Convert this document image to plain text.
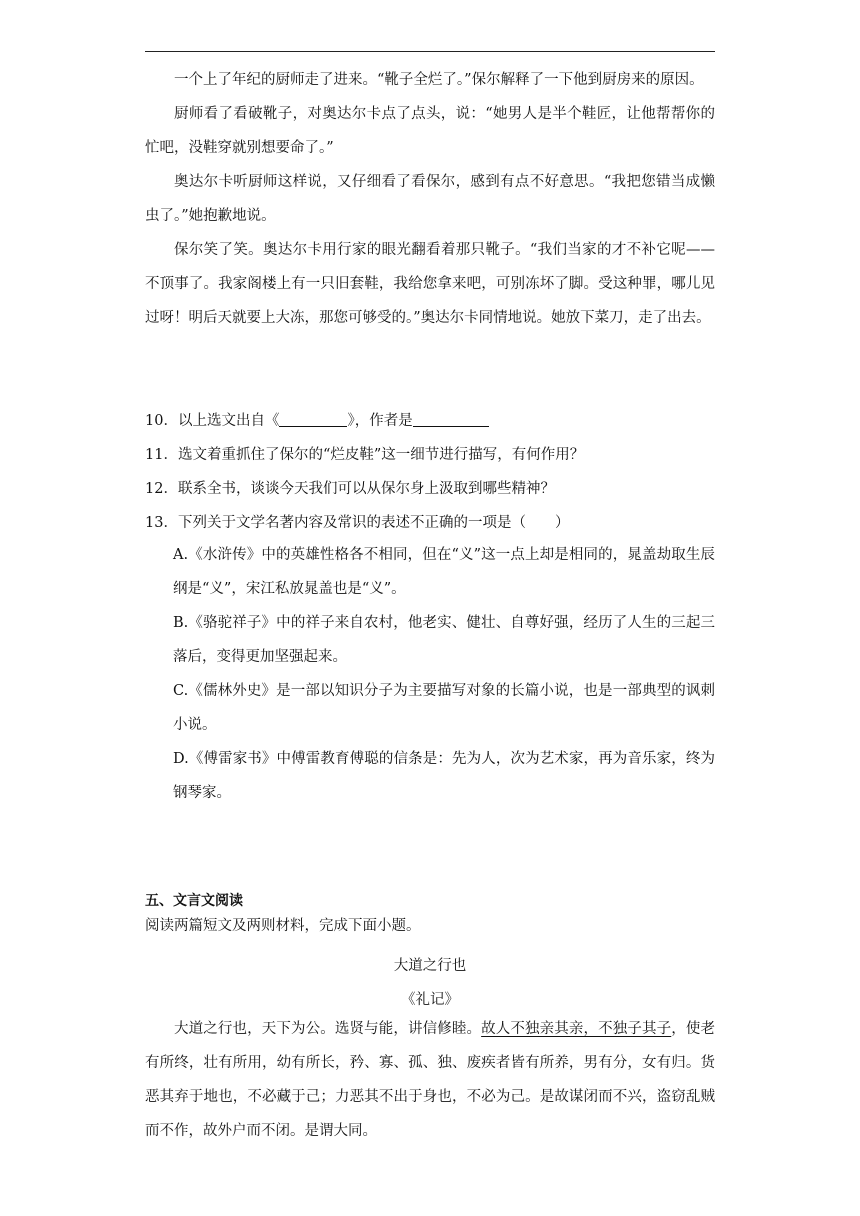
一个上了年纪的厨师走了进来。“靴子全烂了。”保尔解释了一下他到厨房来的原因。

厨师看了看破靴子，对奥达尔卡点了点头，说：“她男人是半个鞋匠，让他帮帮你的忙吧，没鞋穿就别想要命了。”

奥达尔卡听厨师这样说，又仔细看了看保尔，感到有点不好意思。“我把您错当成懒虫了。”她抱歉地说。

保尔笑了笑。奥达尔卡用行家的眼光翻看着那只靴子。“我们当家的才不补它呢——不顶事了。我家阁楼上有一只旧套鞋，我给您拿来吧，可别冻坏了脚。受这种罪，哪儿见过呀！明后天就要上大冻，那您可够受的。”奥达尔卡同情地说。她放下菜刀，走了出去。

10．以上选文出自《	》，作者是
11．选文着重抓住了保尔的“烂皮鞋”这一细节进行描写，有何作用？
12．联系全书，谈谈今天我们可以从保尔身上汲取到哪些精神？
13．下列关于文学名著内容及常识的表述不正确的一项是（　　）
A.《水浒传》中的英雄性格各不相同，但在“义”这一点上却是相同的，晁盖劫取生辰纲是“义”，宋江私放晁盖也是“义”。
B.《骆驼祥子》中的祥子来自农村，他老实、健壮、自尊好强，经历了人生的三起三落后，变得更加坚强起来。
C.《儒林外史》是一部以知识分子为主要描写对象的长篇小说，也是一部典型的讽刺小说。
D.《傅雷家书》中傅雷教育傅聪的信条是：先为人，次为艺术家，再为音乐家，终为钢琴家。
五、文言文阅读
阅读两篇短文及两则材料，完成下面小题。
大道之行也
《礼记》

大道之行也，天下为公。选贤与能，讲信修睦。故人不独亲其亲，不独子其子，使老有所终，壮有所用，幼有所长，矜、寡、孤、独、废疾者皆有所养，男有分，女有归。货恶其弃于地也，不必藏于己；力恶其不出于身也，不必为己。是故谋闭而不兴，盗窃乱贼而不作，故外户而不闭。是谓大同。
